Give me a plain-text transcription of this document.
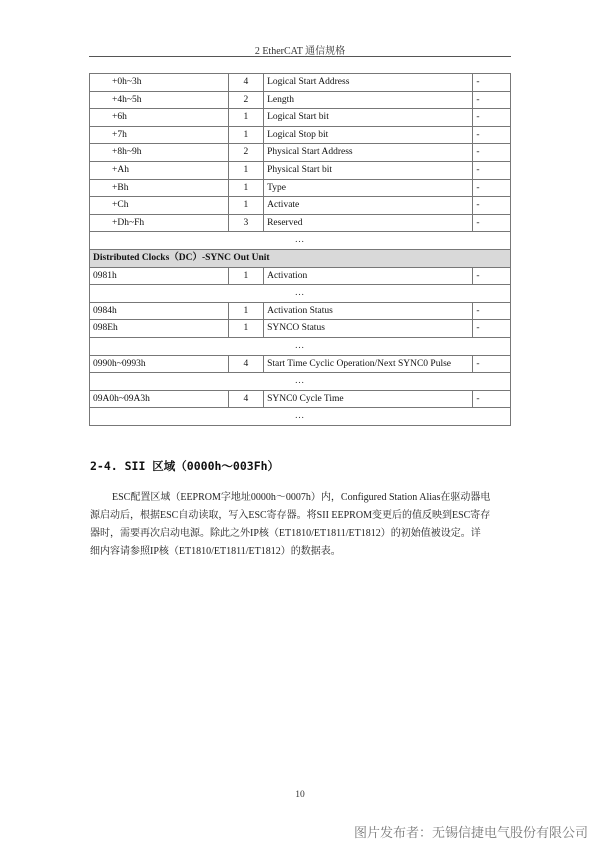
2 EtherCAT 通信规格
+0h~3h	4	Logical Start Address	-
+4h~5h	2	Length	-
+6h	1	Logical Start bit	-
+7h	1	Logical Stop bit	-
+8h~9h	2	Physical Start Address	-
+Ah	1	Physical Start bit	-
+Bh	1	Type	-
+Ch	1	Activate	-
+Dh~Fh	3	Reserved	-
…			
Distributed Clocks（DC）-SYNC Out Unit			
0981h	1	Activation	-
…			
0984h	1	Activation Status	-
098Eh	1	SYNCO Status	-
…			
0990h~0993h	4	Start Time Cyclic Operation/Next SYNC0 Pulse	-
…			
09A0h~09A3h	4	SYNC0 Cycle Time	-
…			
2-4. SII 区域（0000h～003Fh）
ESC配置区域（EEPROM字地址0000h～0007h）内，Configured Station Alias在驱动器电
源启动后，根据ESC自动读取，写入ESC寄存器。将SII EEPROM变更后的值反映到ESC寄存
器时，需要再次启动电源。除此之外IP核（ET1810/ET1811/ET1812）的初始值被设定。详
细内容请参照IP核（ET1810/ET1811/ET1812）的数据表。
10
图片发布者：无锡信捷电气股份有限公司
